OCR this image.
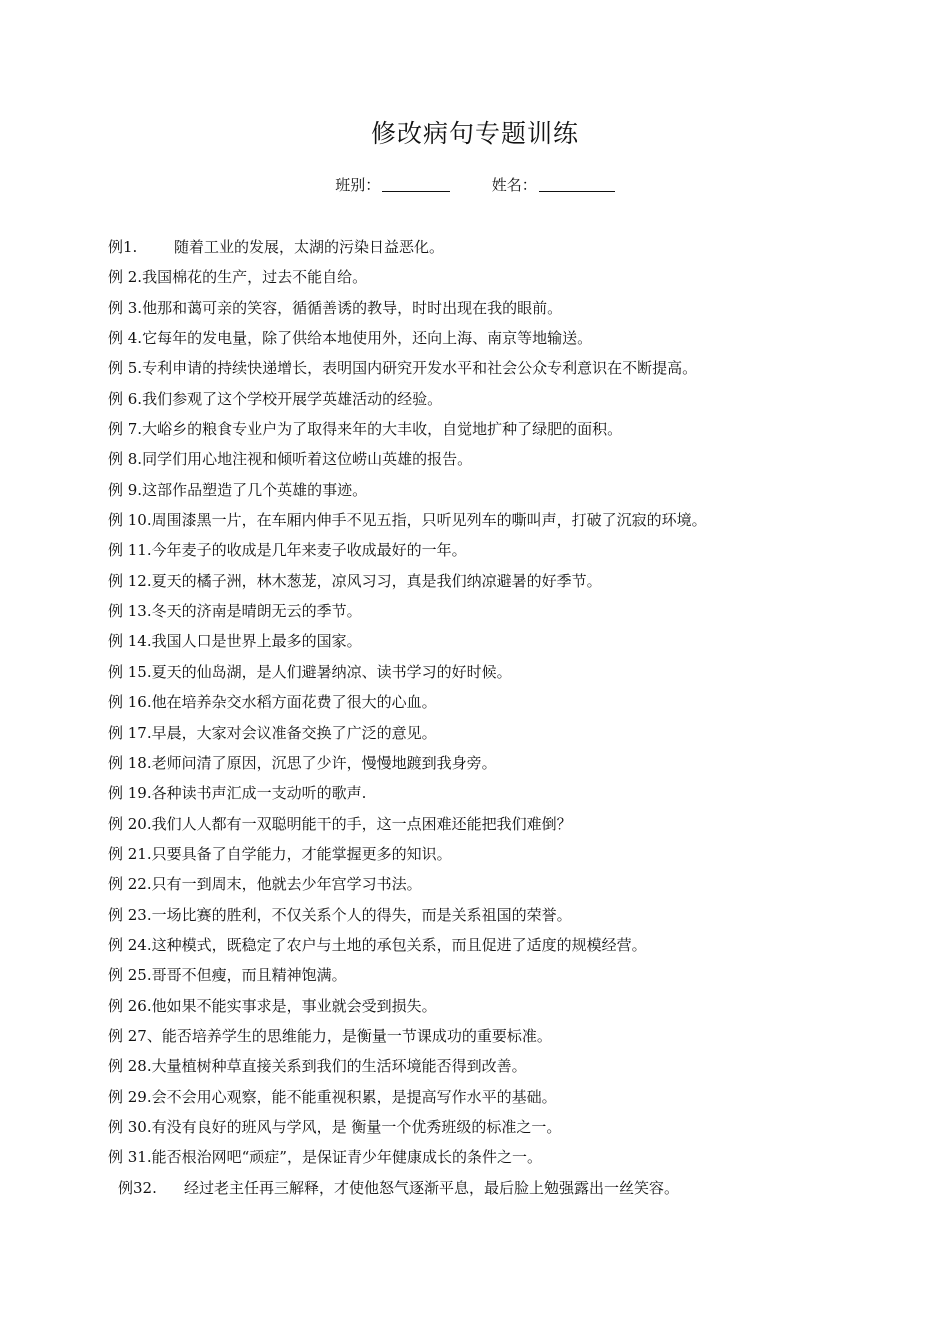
修改病句专题训练
班别：	姓名：
例1. 随着工业的发展，太湖的污染日益恶化。
例 2.我国棉花的生产，过去不能自给。
例 3.他那和蔼可亲的笑容，循循善诱的教导，时时出现在我的眼前。
例 4.它每年的发电量，除了供给本地使用外，还向上海、南京等地输送。
例 5.专利申请的持续快递增长，表明国内研究开发水平和社会公众专利意识在不断提高。
例 6.我们参观了这个学校开展学英雄活动的经验。
例 7.大峪乡的粮食专业户为了取得来年的大丰收，自觉地扩种了绿肥的面积。
例 8.同学们用心地注视和倾听着这位崂山英雄的报告。
例 9.这部作品塑造了几个英雄的事迹。
例 10.周围漆黑一片，在车厢内伸手不见五指，只听见列车的嘶叫声，打破了沉寂的环境。
例 11.今年麦子的收成是几年来麦子收成最好的一年。
例 12.夏天的橘子洲，林木葱茏，凉风习习，真是我们纳凉避暑的好季节。
例 13.冬天的济南是晴朗无云的季节。
例 14.我国人口是世界上最多的国家。
例 15.夏天的仙岛湖，是人们避暑纳凉、读书学习的好时候。
例 16.他在培养杂交水稻方面花费了很大的心血。
例 17.早晨，大家对会议准备交换了广泛的意见。
例 18.老师问清了原因，沉思了少许，慢慢地踱到我身旁。
例 19.各种读书声汇成一支动听的歌声.
例 20.我们人人都有一双聪明能干的手，这一点困难还能把我们难倒？
例 21.只要具备了自学能力，才能掌握更多的知识。
例 22.只有一到周末，他就去少年宫学习书法。
例 23.一场比赛的胜利，不仅关系个人的得失，而是关系祖国的荣誉。
例 24.这种模式，既稳定了农户与土地的承包关系，而且促进了适度的规模经营。
例 25.哥哥不但瘦，而且精神饱满。
例 26.他如果不能实事求是，事业就会受到损失。
例 27、能否培养学生的思维能力，是衡量一节课成功的重要标准。
例 28.大量植树种草直接关系到我们的生活环境能否得到改善。
例 29.会不会用心观察，能不能重视积累，是提高写作水平的基础。
例 30.有没有良好的班风与学风，是 衡量一个优秀班级的标准之一。
例 31.能否根治网吧“顽症”，是保证青少年健康成长的条件之一。
例32. 经过老主任再三解释，才使他怒气逐渐平息，最后脸上勉强露出一丝笑容。
